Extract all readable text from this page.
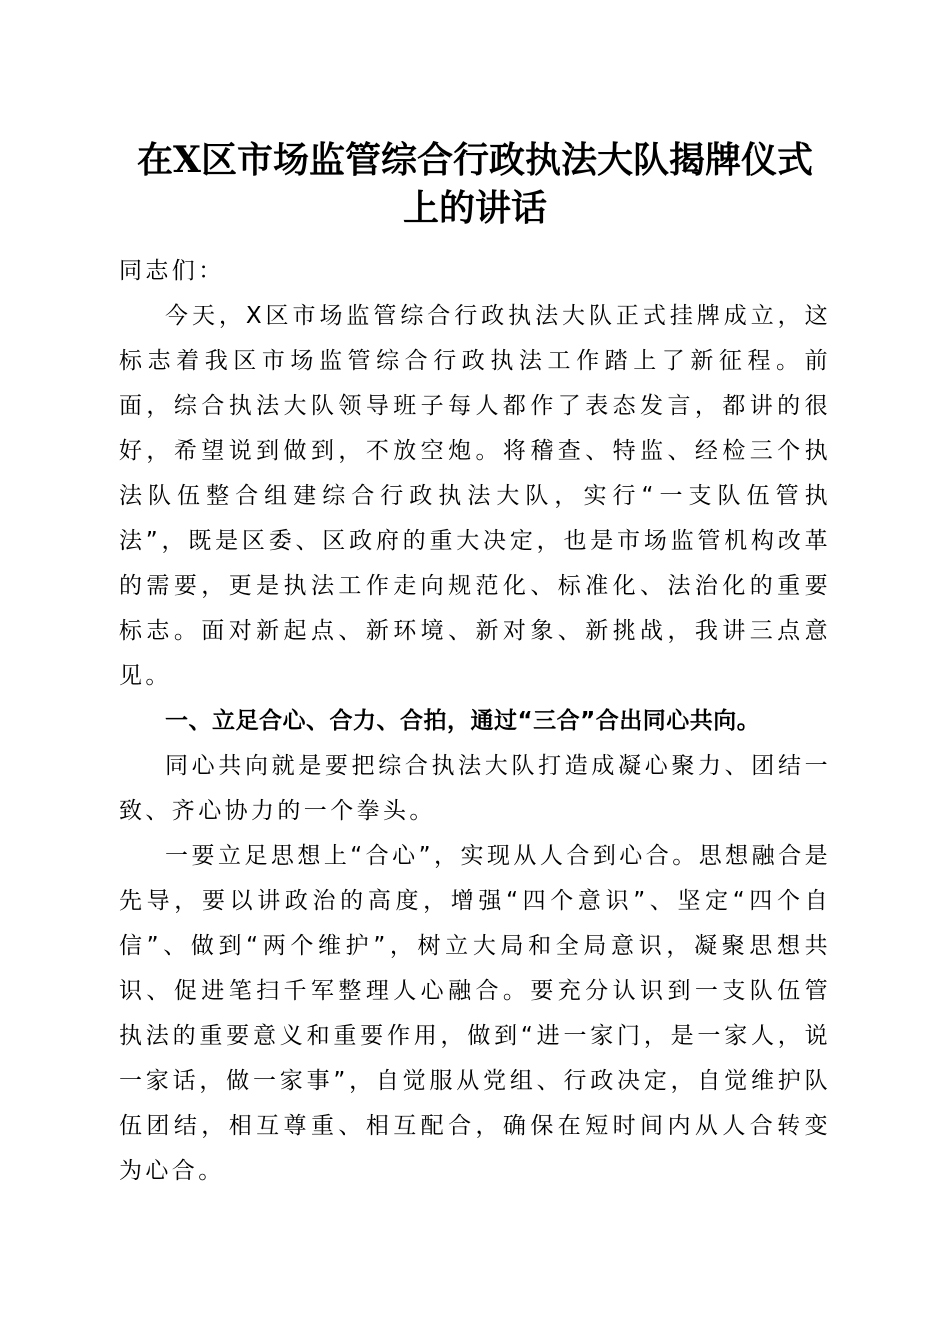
在X区市场监管综合行政执法大队揭牌仪式
上的讲话

同志们：

今天，X区市场监管综合行政执法大队正式挂牌成立，这标志着我区市场监管综合行政执法工作踏上了新征程。前面，综合执法大队领导班子每人都作了表态发言，都讲的很好，希望说到做到，不放空炮。将稽查、特监、经检三个执法队伍整合组建综合行政执法大队，实行“一支队伍管执法”，既是区委、区政府的重大决定，也是市场监管机构改革的需要，更是执法工作走向规范化、标准化、法治化的重要标志。面对新起点、新环境、新对象、新挑战，我讲三点意见。

一、立足合心、合力、合拍，通过“三合”合出同心共向。

同心共向就是要把综合执法大队打造成凝心聚力、团结一致、齐心协力的一个拳头。

一要立足思想上“合心”，实现从人合到心合。思想融合是先导，要以讲政治的高度，增强“四个意识”、坚定“四个自信”、做到“两个维护”，树立大局和全局意识，凝聚思想共识、促进笔扫千军整理人心融合。要充分认识到一支队伍管执法的重要意义和重要作用，做到“进一家门，是一家人，说一家话，做一家事”，自觉服从党组、行政决定，自觉维护队伍团结，相互尊重、相互配合，确保在短时间内从人合转变为心合。
